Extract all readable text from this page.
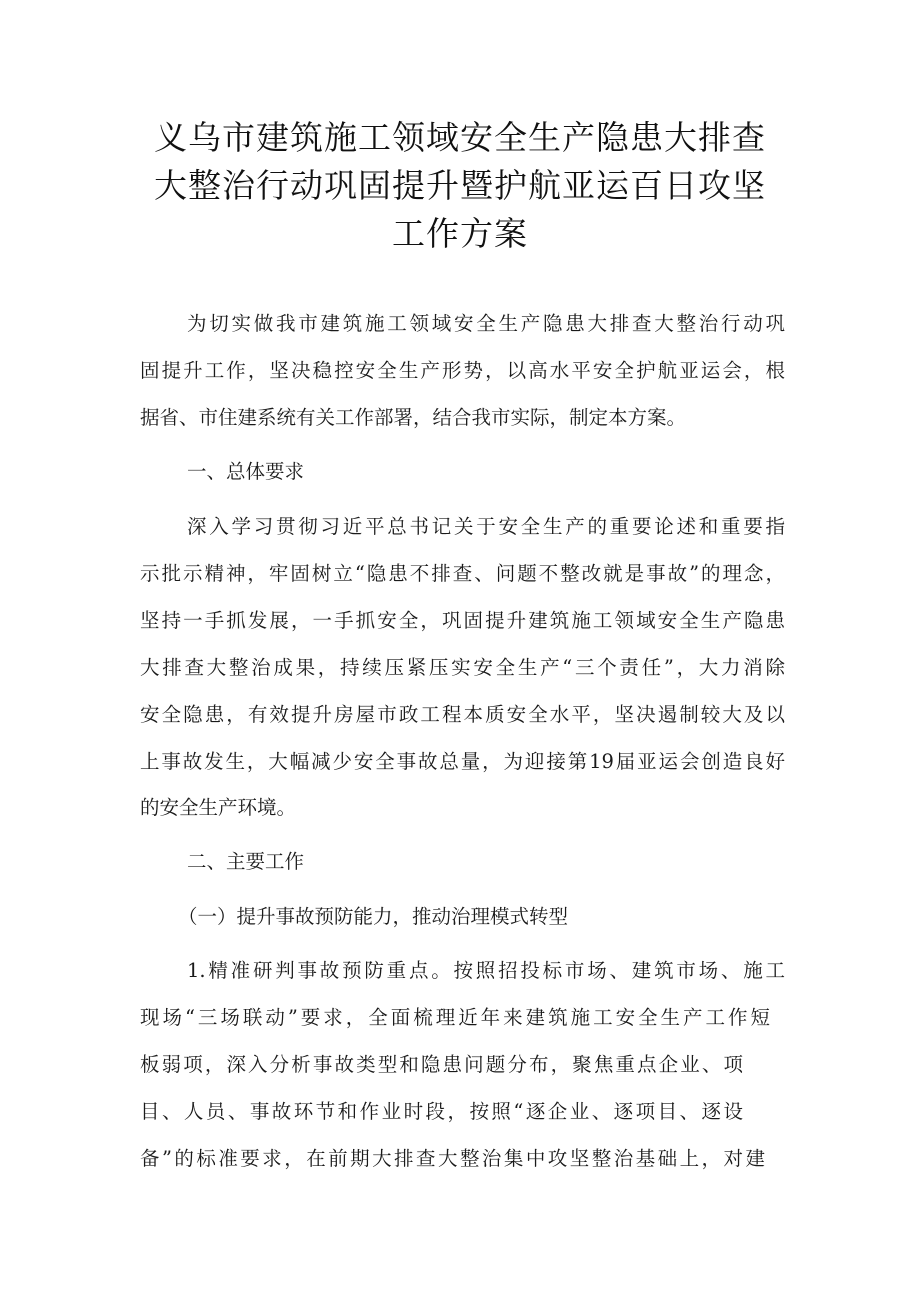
义乌市建筑施工领域安全生产隐患大排查
大整治行动巩固提升暨护航亚运百日攻坚
工作方案
为切实做我市建筑施工领域安全生产隐患大排查大整治行动巩
固提升工作，坚决稳控安全生产形势，以高水平安全护航亚运会，根
据省、市住建系统有关工作部署，结合我市实际，制定本方案。
一、总体要求
深入学习贯彻习近平总书记关于安全生产的重要论述和重要指
示批示精神，牢固树立“隐患不排查、问题不整改就是事故”的理念，
坚持一手抓发展，一手抓安全，巩固提升建筑施工领域安全生产隐患
大排查大整治成果，持续压紧压实安全生产“三个责任”，大力消除
安全隐患，有效提升房屋市政工程本质安全水平，坚决遏制较大及以
上事故发生，大幅减少安全事故总量，为迎接第19届亚运会创造良好
的安全生产环境。
二、主要工作
（一）提升事故预防能力，推动治理模式转型
1.精准研判事故预防重点。按照招投标市场、建筑市场、施工
现场“三场联动”要求，全面梳理近年来建筑施工安全生产工作短
板弱项，深入分析事故类型和隐患问题分布，聚焦重点企业、项
目、人员、事故环节和作业时段，按照“逐企业、逐项目、逐设
备”的标准要求，在前期大排查大整治集中攻坚整治基础上，对建
